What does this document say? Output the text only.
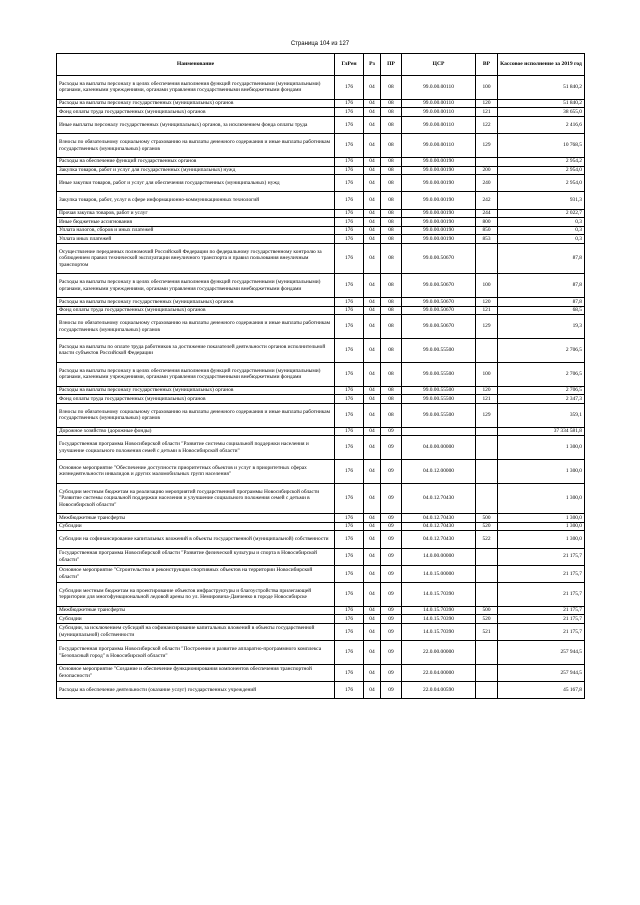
Страница 104 из 127
Наименование	ГлРен	Рз	ПР	ЦСР	ВР	Кассовое исполнение за 2019 год
Расходы на выплаты персоналу в целях обеспечения выполнения функций государственными (муниципальными) органами, казенными учреждениями, органами управления государственными внебюджетными фондами	176	04	08	99.0.00.00110	100	51 840,2
Расходы на выплаты персоналу государственных (муниципальных) органов	176	04	08	99.0.00.00110	120	51 840,2
Фонд оплаты труда государственных (муниципальных) органов	176	04	08	99.0.00.00110	121	38 655,0
Иные выплаты персоналу государственных (муниципальных) органов, за исключением фонда оплаты труда	176	04	08	99.0.00.00110	122	2 416,6
Взносы по обязательному социальному страхованию на выплаты денежного содержания и иные выплаты работникам государственных (муниципальных) органов	176	04	08	99.0.00.00110	129	10 768,5
Расходы на обеспечение функций государственных органов	176	04	08	99.0.00.00190		2 954,2
Закупка товаров, работ и услуг для государственных (муниципальных) нужд	176	04	08	99.0.00.00190	200	2 954,0
Иные закупки товаров, работ и услуг для обеспечения государственных (муниципальных) нужд	176	04	08	99.0.00.00190	240	2 954,0
Закупка товаров, работ, услуг в сфере информационно-коммуникационных технологий	176	04	08	99.0.00.00190	242	931,3
Прочая закупка товаров, работ и услуг	176	04	08	99.0.00.00190	244	2 022,7
Иные бюджетные ассигнования	176	04	08	99.0.00.00190	800	0,3
Уплата налогов, сборов и иных платежей	176	04	08	99.0.00.00190	850	0,3
Уплата иных платежей	176	04	08	99.0.00.00190	853	0,3
Осуществление переданных полномочий Российской Федерации по федеральному государственному контролю за соблюдением правил технической эксплуатации внеуличного транспорта и правил пользования внеуличным транспортом	176	04	08	99.0.00.50670		87,8
Расходы на выплаты персоналу в целях обеспечения выполнения функций государственными (муниципальными) органами, казенными учреждениями, органами управления государственными внебюджетными фондами	176	04	08	99.0.00.50670	100	87,8
Расходы на выплаты персоналу государственных (муниципальных) органов	176	04	08	99.0.00.50670	120	87,8
Фонд оплаты труда государственных (муниципальных) органов	176	04	08	99.0.00.50670	121	68,5
Взносы по обязательному социальному страхованию на выплаты денежного содержания и иные выплаты работникам государственных (муниципальных) органов	176	04	08	99.0.00.50670	129	19,3
Расходы на выплаты по оплате труда работников за достижение показателей деятельности органов исполнительной власти субъектов Российской Федерации	176	04	08	99.0.00.55500		2 706,5
Расходы на выплаты персоналу в целях обеспечения выполнения функций государственными (муниципальными) органами, казенными учреждениями, органами управления государственными внебюджетными фондами	176	04	08	99.0.00.55500	100	2 706,5
Расходы на выплаты персоналу государственных (муниципальных) органов	176	04	08	99.0.00.55500	120	2 706,5
Фонд оплаты труда государственных (муниципальных) органов	176	04	08	99.0.00.55500	121	2 347,3
Взносы по обязательному социальному страхованию на выплаты денежного содержания и иные выплаты работникам государственных (муниципальных) органов	176	04	08	99.0.00.55500	129	359,1
Дорожное хозяйство (дорожные фонды)	176	04	09			37 334 581,8
Государственная программа Новосибирской области "Развитие системы социальной поддержки населения и улучшение социального положения семей с детьми в Новосибирской области"	176	04	09	04.0.00.00000		1 300,0
Основное мероприятие "Обеспечение доступности приоритетных объектов и услуг в приоритетных сферах жизнедеятельности инвалидов и других маломобильных групп населения"	176	04	09	04.0.12.00000		1 300,0
Субсидии местным бюджетам на реализацию мероприятий государственной программы Новосибирской области "Развитие системы социальной поддержки населения и улучшение социального положения семей с детьми в Новосибирской области"	176	04	09	04.0.12.70430		1 300,0
Межбюджетные трансферты	176	04	09	04.0.12.70430	500	1 300,0
Субсидии	176	04	09	04.0.12.70430	520	1 300,0
Субсидии на софинансирование капитальных вложений в объекты государственной (муниципальной) собственности	176	04	09	04.0.12.70430	522	1 300,0
Государственная программа Новосибирской области "Развитие физической культуры и спорта в Новосибирской области"	176	04	09	14.0.00.00000		21 175,7
Основное мероприятие "Строительство и реконструкция спортивных объектов на территории Новосибирской области"	176	04	09	14.0.15.00000		21 175,7
Субсидии местным бюджетам на проектирование объектов инфраструктуры и благоустройства прилегающей территории для многофункциональной ледовой арены по ул. Немировича-Данченко в городе Новосибирске	176	04	09	14.0.15.70390		21 175,7
Межбюджетные трансферты	176	04	09	14.0.15.70390	500	21 175,7
Субсидии	176	04	09	14.0.15.70390	520	21 175,7
Субсидии, за исключением субсидий на софинансирование капитальных вложений в объекты государственной (муниципальной) собственности	176	04	09	14.0.15.70390	521	21 175,7
Государственная программа Новосибирской области "Построение и развитие аппаратно-программного комплекса "Безопасный город" в Новосибирской области"	176	04	09	22.0.00.00000		257 944,5
Основное мероприятие "Создание и обеспечение функционирования компонентов обеспечения транспортной безопасности"	176	04	09	22.0.04.00000		257 944,5
Расходы на обеспечение деятельности (оказание услуг) государственных учреждений	176	04	09	22.0.04.00590		45 167,8
